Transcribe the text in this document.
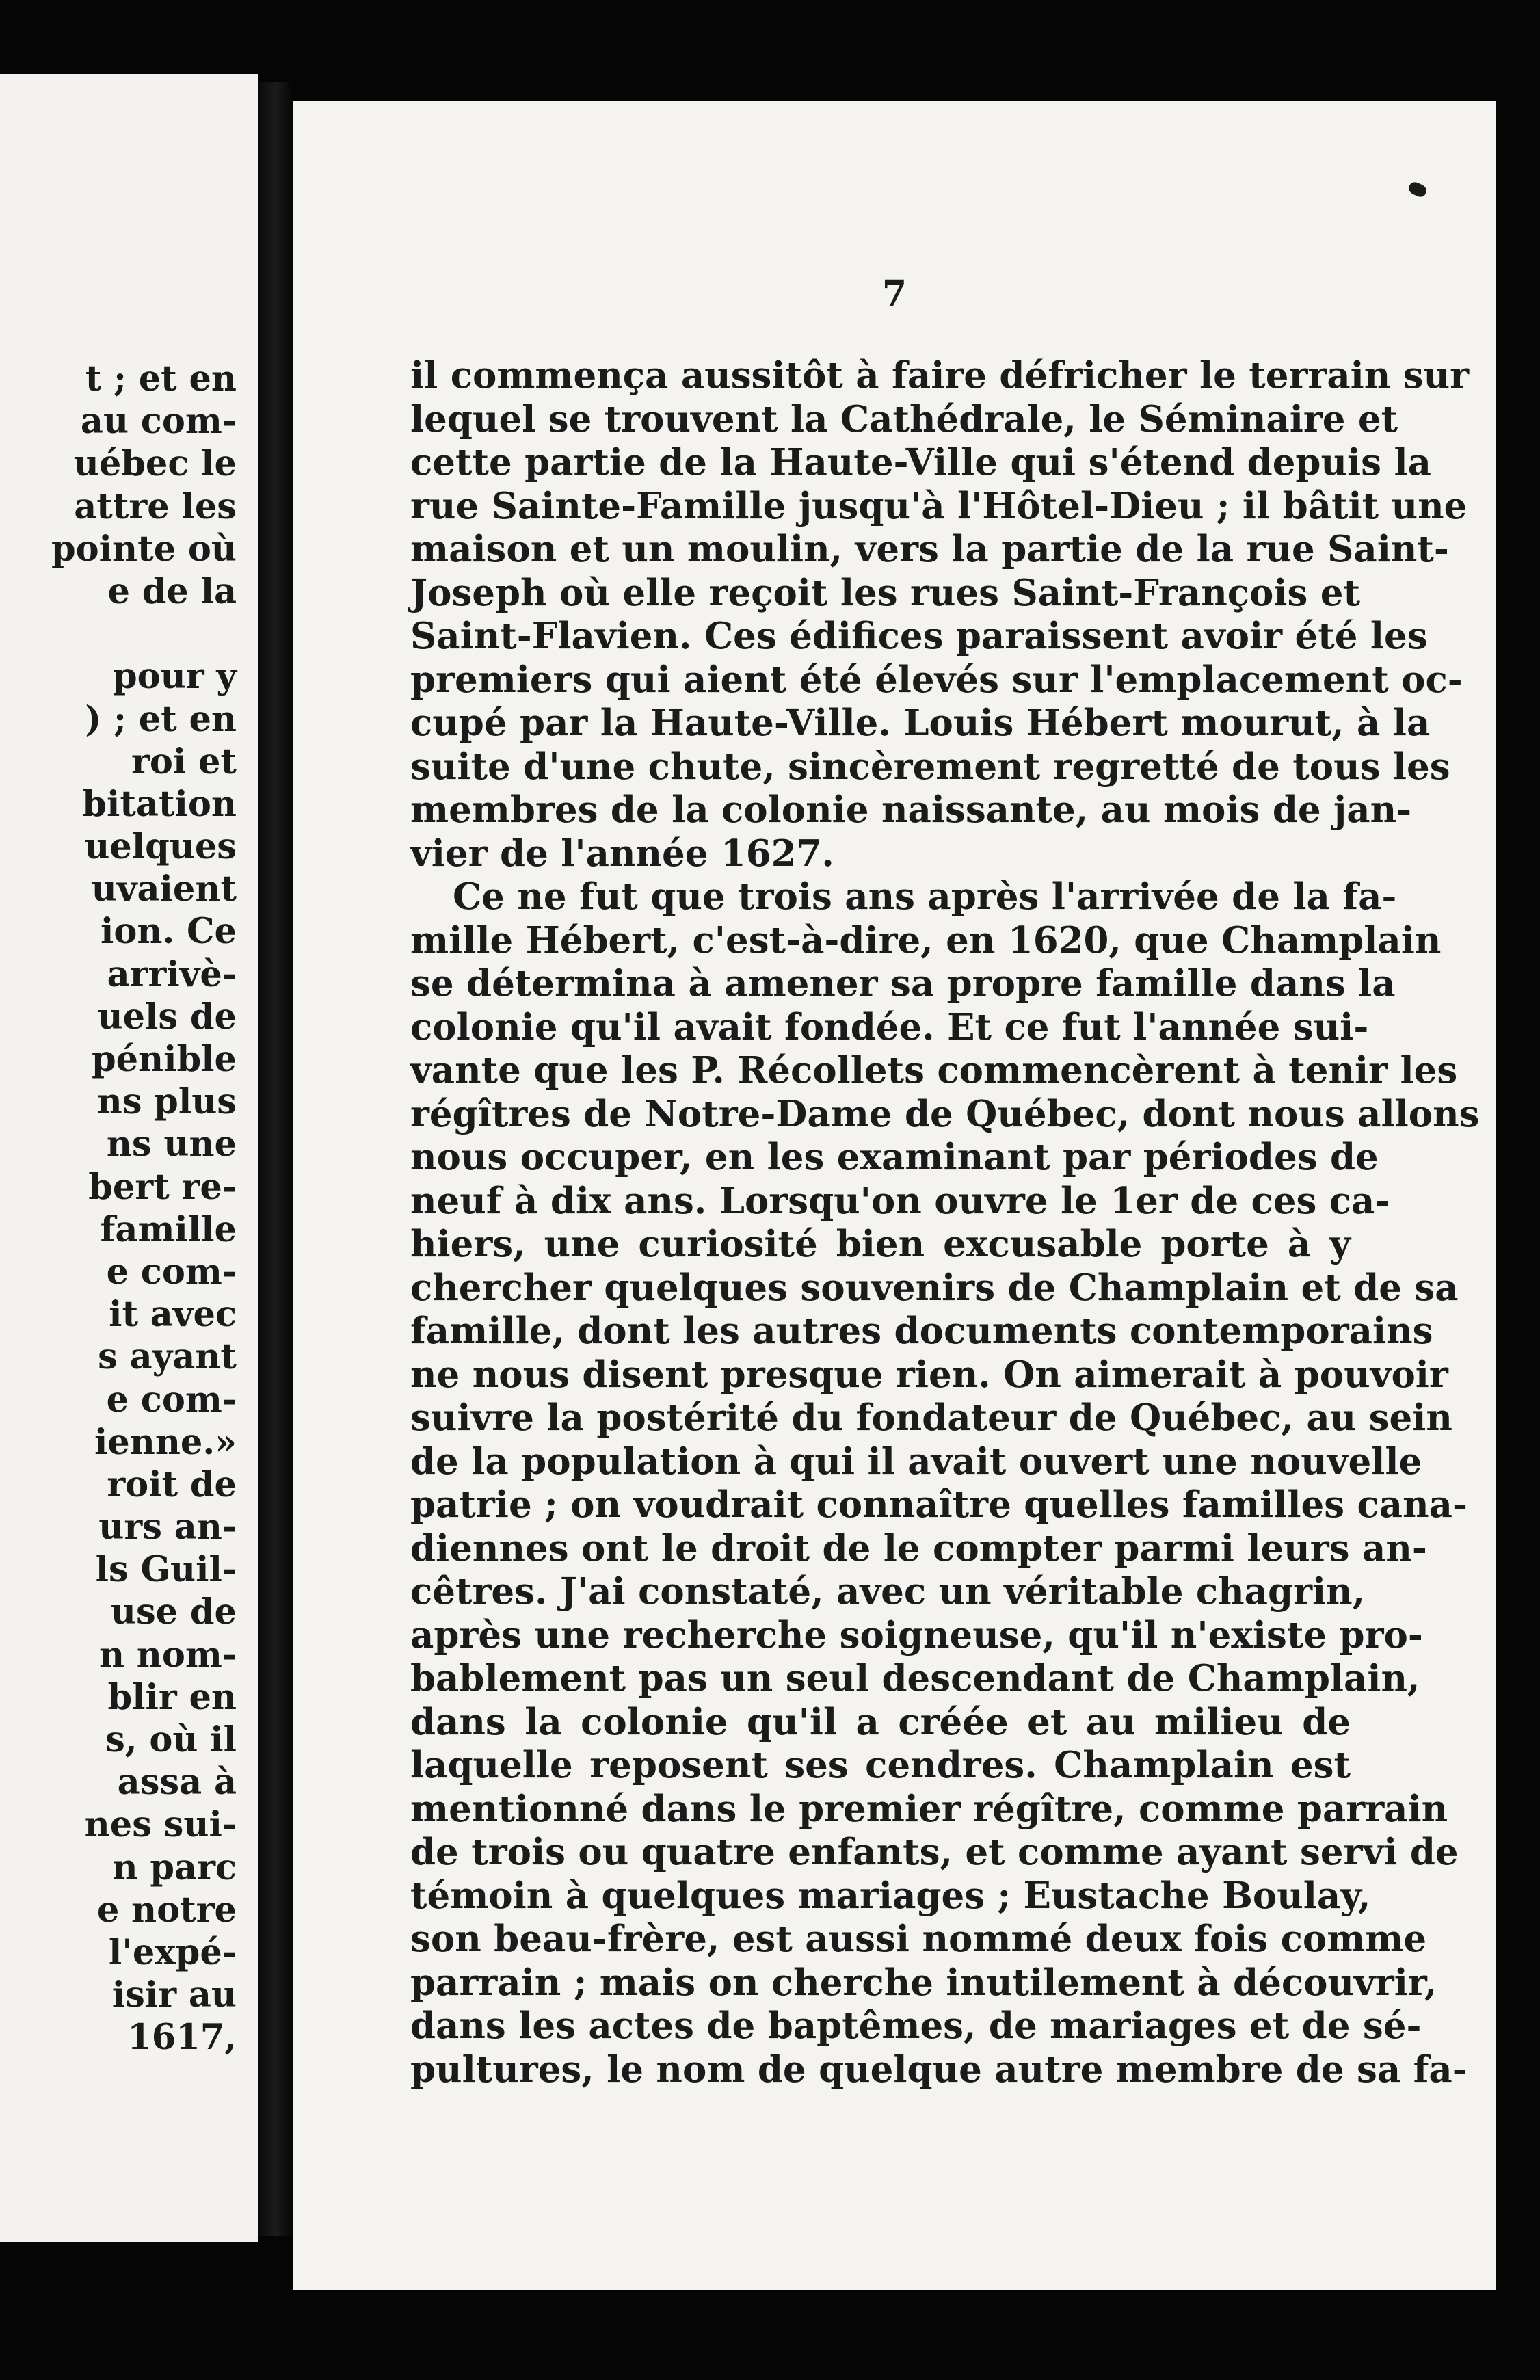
t ; et en
au com-
uébec le
attre les
pointe où
e de la
pour y
) ; et en
roi et
bitation
uelques
uvaient
ion. Ce
arrivè-
uels de
pénible
ns plus
ns une
bert re-
famille
e com-
it avec
s ayant
e com-
ienne.»
roit de
urs an-
ls Guil-
use de
n nom-
blir en
s, où il
assa à
nes sui-
n parc
e notre
l'expé-
isir au
1617,
7
il commença aussitôt à faire défricher le terrain sur
lequel se trouvent la Cathédrale, le Séminaire et
cette partie de la Haute-Ville qui s'étend depuis la
rue Sainte-Famille jusqu'à l'Hôtel-Dieu ; il bâtit une
maison et un moulin, vers la partie de la rue Saint-
Joseph où elle reçoit les rues Saint-François et
Saint-Flavien. Ces édifices paraissent avoir été les
premiers qui aient été élevés sur l'emplacement oc-
cupé par la Haute-Ville. Louis Hébert mourut, à la
suite d'une chute, sincèrement regretté de tous les
membres de la colonie naissante, au mois de jan-
vier de l'année 1627.
Ce ne fut que trois ans après l'arrivée de la fa-
mille Hébert, c'est-à-dire, en 1620, que Champlain
se détermina à amener sa propre famille dans la
colonie qu'il avait fondée. Et ce fut l'année sui-
vante que les P. Récollets commencèrent à tenir les
régîtres de Notre-Dame de Québec, dont nous allons
nous occuper, en les examinant par périodes de
neuf à dix ans. Lorsqu'on ouvre le 1er de ces ca-
hiers, une curiosité bien excusable porte à y
chercher quelques souvenirs de Champlain et de sa
famille, dont les autres documents contemporains
ne nous disent presque rien. On aimerait à pouvoir
suivre la postérité du fondateur de Québec, au sein
de la population à qui il avait ouvert une nouvelle
patrie ; on voudrait connaître quelles familles cana-
diennes ont le droit de le compter parmi leurs an-
cêtres. J'ai constaté, avec un véritable chagrin,
après une recherche soigneuse, qu'il n'existe pro-
bablement pas un seul descendant de Champlain,
dans la colonie qu'il a créée et au milieu de
laquelle reposent ses cendres. Champlain est
mentionné dans le premier régître, comme parrain
de trois ou quatre enfants, et comme ayant servi de
témoin à quelques mariages ; Eustache Boulay,
son beau-frère, est aussi nommé deux fois comme
parrain ; mais on cherche inutilement à découvrir,
dans les actes de baptêmes, de mariages et de sé-
pultures, le nom de quelque autre membre de sa fa-
